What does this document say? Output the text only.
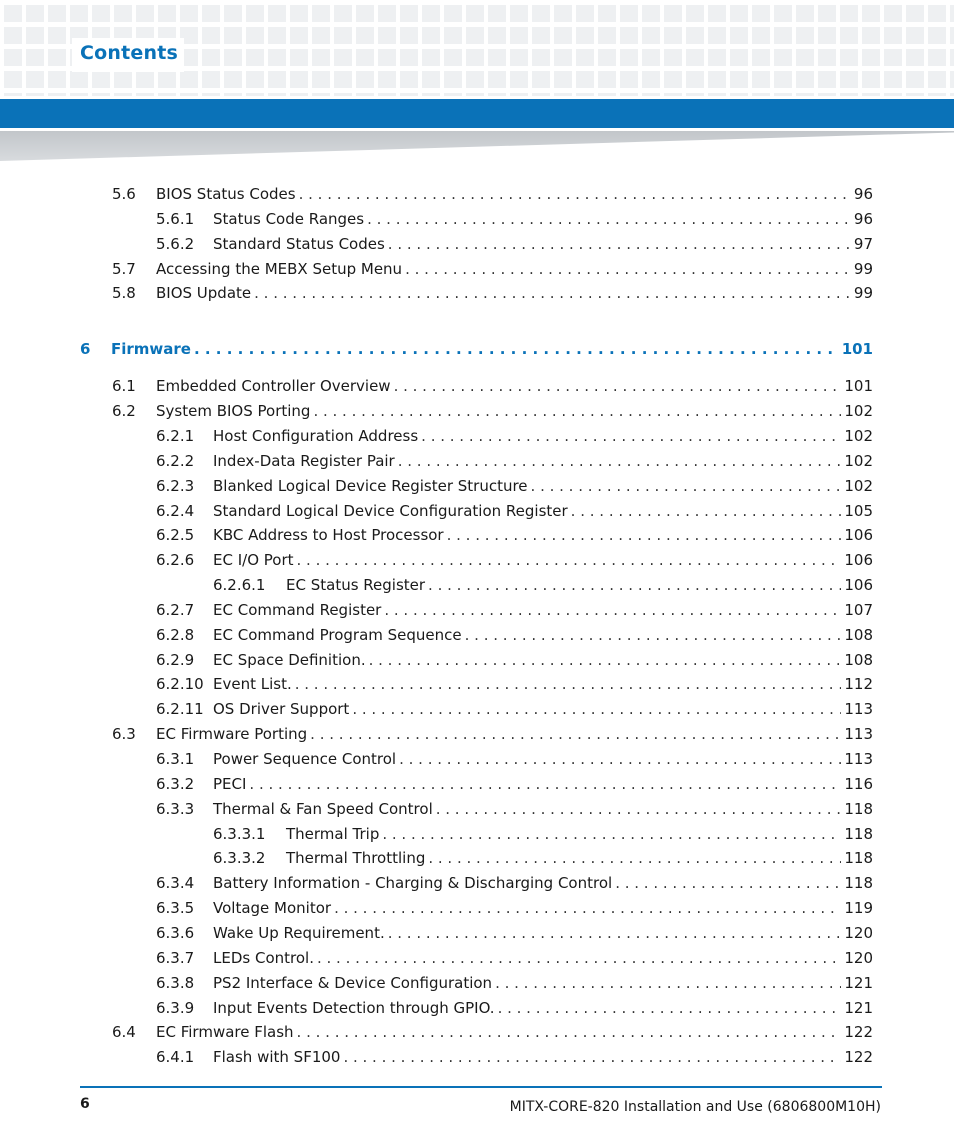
Contents
5.6	BIOS Status Codes . . .	96
5.6.1	Status Code Ranges . . .	96
5.6.2	Standard Status Codes . . .	97
5.7	Accessing the MEBX Setup Menu . . .	99
5.8	BIOS Update . . .	99
6	Firmware . . .	101
6.1	Embedded Controller Overview . . .	101
6.2	System BIOS Porting . . .	102
6.2.1	Host Configuration Address . . .	102
6.2.2	Index-Data Register Pair . . .	102
6.2.3	Blanked Logical Device Register Structure . . .	102
6.2.4	Standard Logical Device Configuration Register . . .	105
6.2.5	KBC Address to Host Processor . . .	106
6.2.6	EC I/O Port . . .	106
6.2.6.1	EC Status Register . . .	106
6.2.7	EC Command Register . . .	107
6.2.8	EC Command Program Sequence . . .	108
6.2.9	EC Space Definition. . . .	108
6.2.10 Event List. . . .	112
6.2.11 OS Driver Support . . .	113
6.3	EC Firmware Porting . . .	113
6.3.1	Power Sequence Control . . .	113
6.3.2	PECI . . .	116
6.3.3	Thermal & Fan Speed Control . . .	118
6.3.3.1	Thermal Trip . . .	118
6.3.3.2	Thermal Throttling . . .	118
6.3.4	Battery Information - Charging & Discharging Control . . .	118
6.3.5	Voltage Monitor . . .	119
6.3.6	Wake Up Requirement. . . .	120
6.3.7	LEDs Control. . . .	120
6.3.8	PS2 Interface & Device Configuration . . .	121
6.3.9	Input Events Detection through GPIO. . . .	121
6.4	EC Firmware Flash . . .	122
6.4.1	Flash with SF100 . . .	122
6	MITX-CORE-820 Installation and Use (6806800M10H)
